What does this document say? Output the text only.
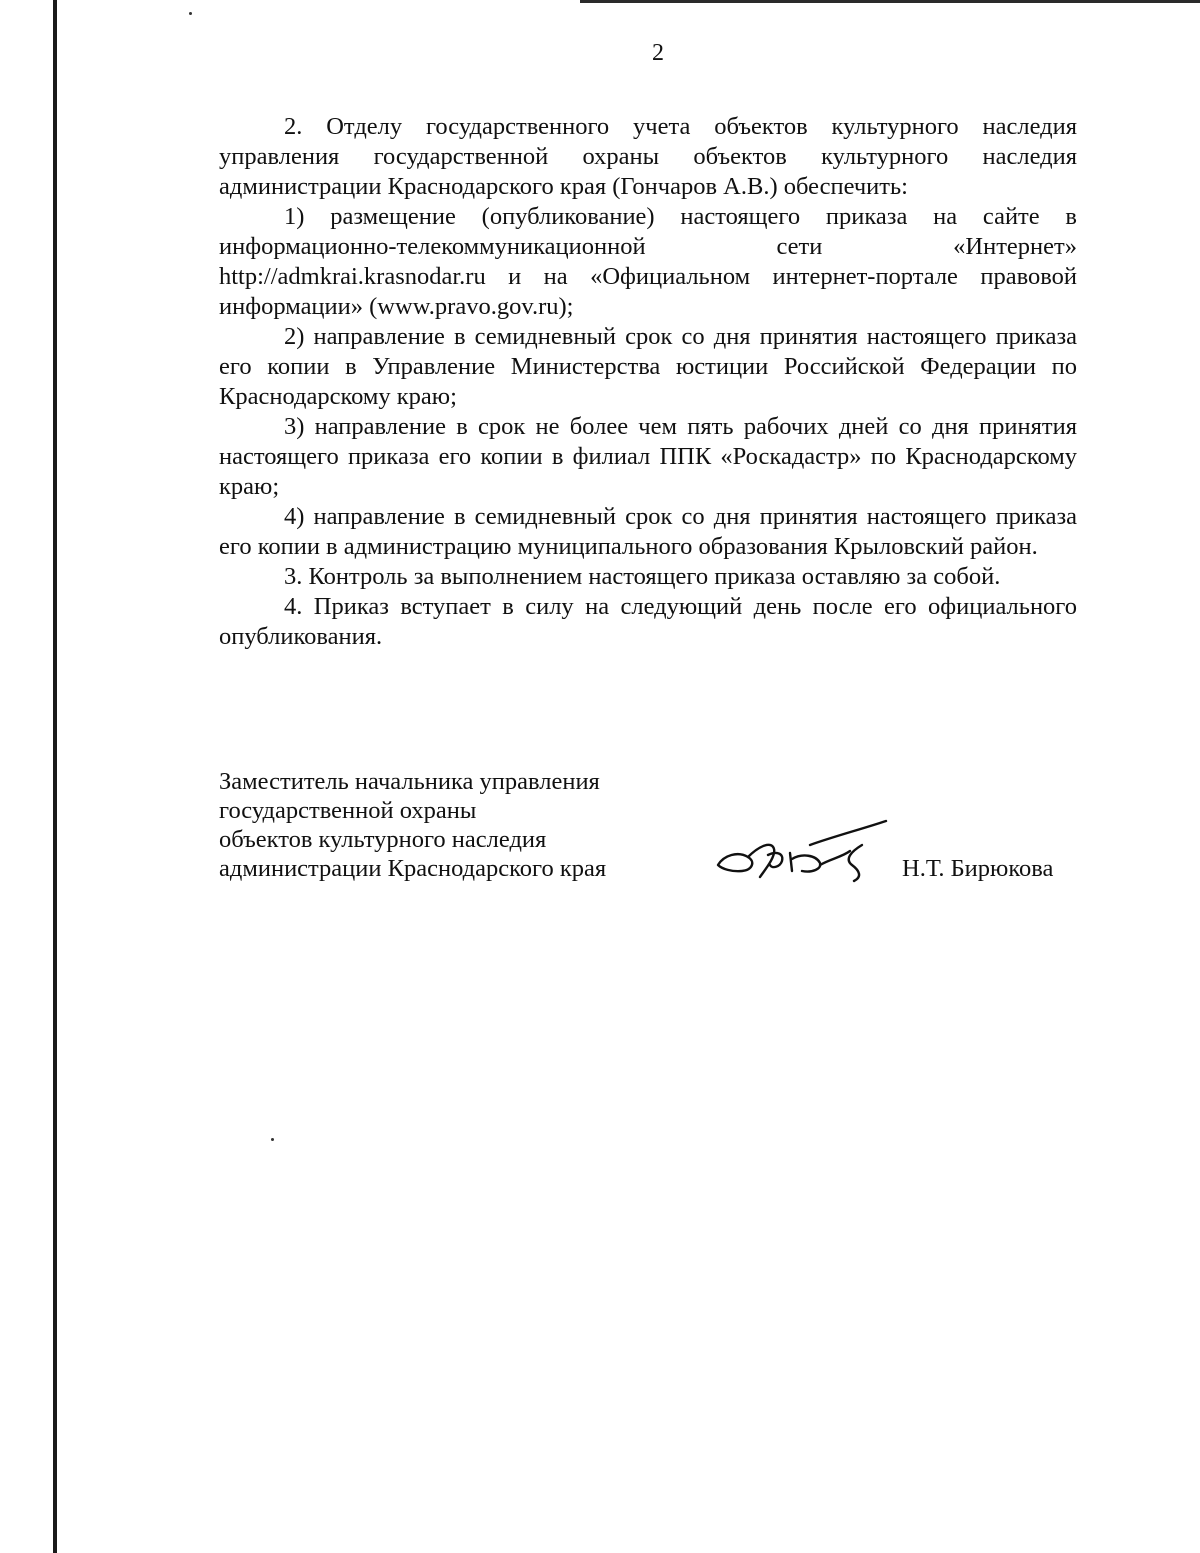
2

2. Отделу государственного учета объектов культурного наследия управления государственной охраны объектов культурного наследия администрации Краснодарского края (Гончаров А.В.) обеспечить:

1) размещение (опубликование) настоящего приказа на сайте в информационно-телекоммуникационной сети «Интернет» http://admkrai.krasnodar.ru и на «Официальном интернет-портале правовой информации» (www.pravo.gov.ru);

2) направление в семидневный срок со дня принятия настоящего приказа его копии в Управление Министерства юстиции Российской Федерации по Краснодарскому краю;

3) направление в срок не более чем пять рабочих дней со дня принятия настоящего приказа его копии в филиал ППК «Роскадастр» по Краснодарскому краю;

4) направление в семидневный срок со дня принятия настоящего приказа его копии в администрацию муниципального образования Крыловский район.

3. Контроль за выполнением настоящего приказа оставляю за собой.

4. Приказ вступает в силу на следующий день после его официального опубликования.

Заместитель начальника управления
государственной охраны
объектов культурного наследия
администрации Краснодарского края	Н.Т. Бирюкова
